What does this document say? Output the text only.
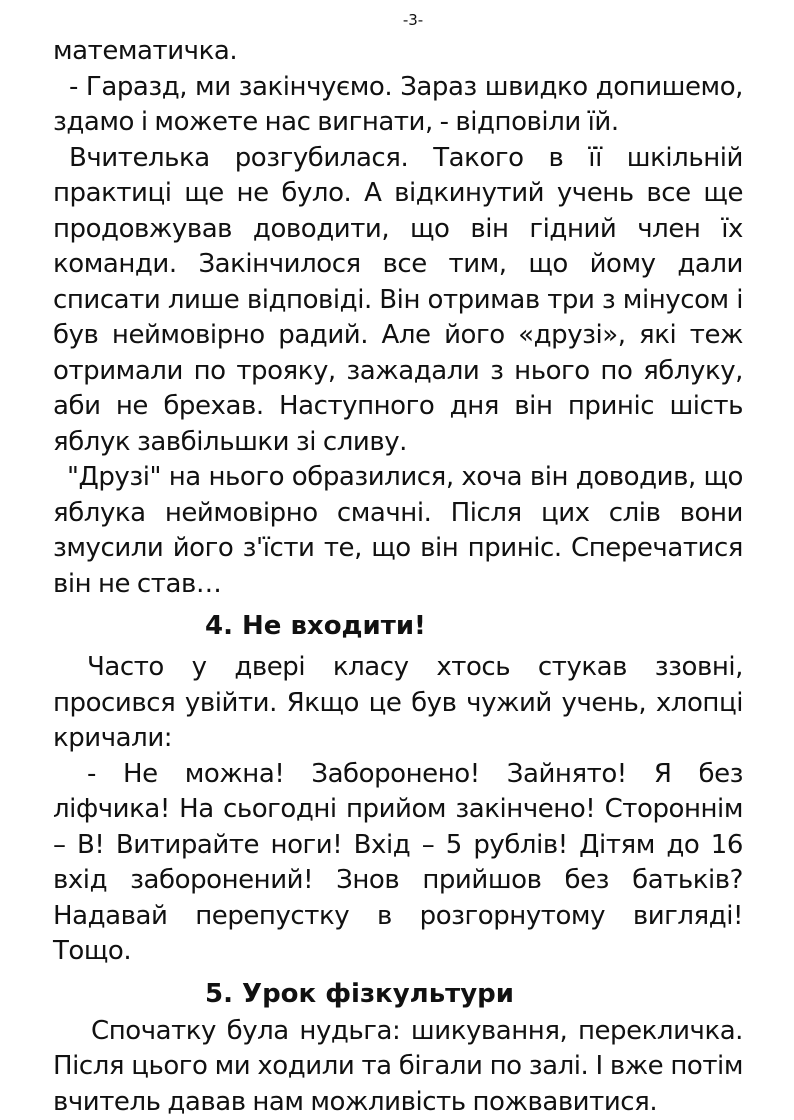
-3-

математичка.

- Гаразд, ми закінчуємо. Зараз швидко допишемо, здамо і можете нас вигнати, - відповіли їй.

Вчителька розгубилася. Такого в її шкільній практиці ще не було. А відкинутий учень все ще продовжував доводити, що він гідний член їх команди. Закінчилося все тим, що йому дали списати лише відповіді. Він отримав три з мінусом і був неймовірно радий. Але його «друзі», які теж отримали по трояку, зажадали з нього по яблуку, аби не брехав. Наступного дня він приніс шість яблук завбільшки зі сливу.

"Друзі" на нього образилися, хоча він доводив, що яблука неймовірно смачні. Після цих слів вони змусили його з'їсти те, що він приніс. Сперечатися він не став…

4. Не входити!

Часто у двері класу хтось стукав ззовні, просився увійти. Якщо це був чужий учень, хлопці кричали:

- Не можна! Заборонено! Зайнято! Я без ліфчика! На сьогодні прийом закінчено! Стороннім – В! Витирайте ноги! Вхід – 5 рублів! Дітям до 16 вхід заборонений! Знов прийшов без батьків? Надавай перепустку в розгорнутому вигляді! Тощо.

5. Урок фізкультури

Спочатку була нудьга: шикування, перекличка. Після цього ми ходили та бігали по залі. І вже потім вчитель давав нам можливість пожвавитися.
